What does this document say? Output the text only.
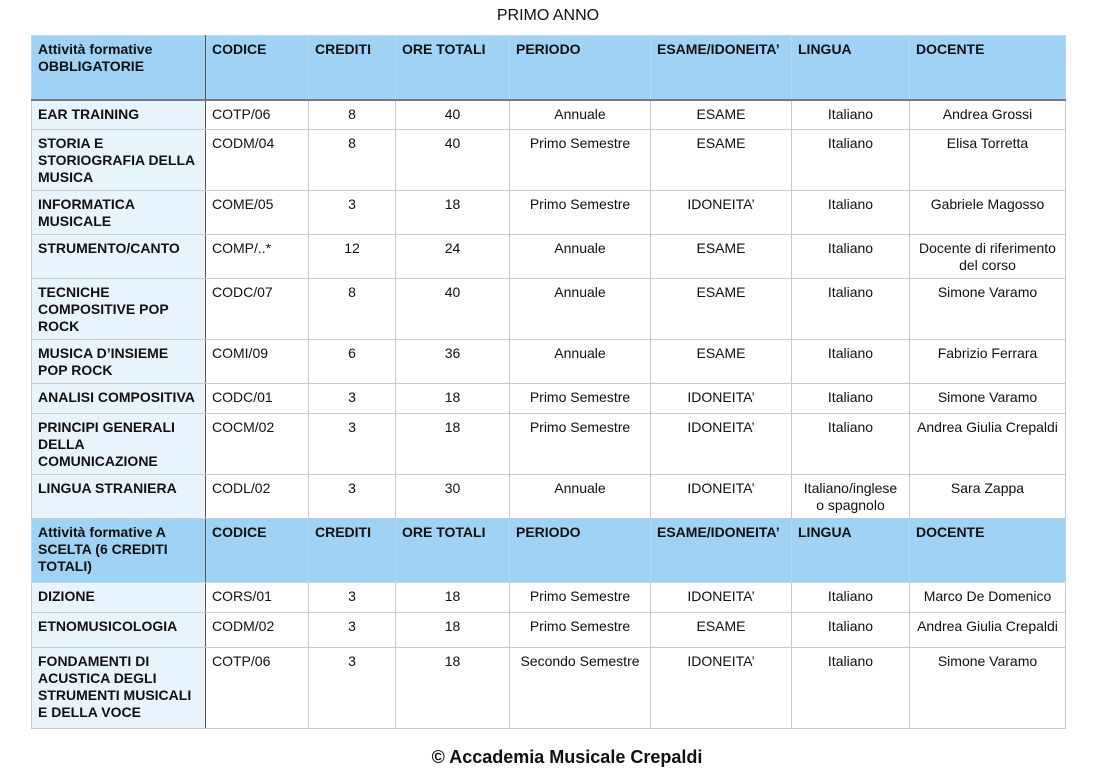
PRIMO ANNO
Attività formative OBBLIGATORIE	CODICE	CREDITI	ORE TOTALI	PERIODO	ESAME/IDONEITA’	LINGUA	DOCENTE
EAR TRAINING	COTP/06	8	40	Annuale	ESAME	Italiano	Andrea Grossi
STORIA E STORIOGRAFIA DELLA MUSICA	CODM/04	8	40	Primo Semestre	ESAME	Italiano	Elisa Torretta
INFORMATICA MUSICALE	COME/05	3	18	Primo Semestre	IDONEITA’	Italiano	Gabriele Magosso
STRUMENTO/CANTO	COMP/..*	12	24	Annuale	ESAME	Italiano	Docente di riferimento del corso
TECNICHE COMPOSITIVE POP ROCK	CODC/07	8	40	Annuale	ESAME	Italiano	Simone Varamo
MUSICA D’INSIEME POP ROCK	COMI/09	6	36	Annuale	ESAME	Italiano	Fabrizio Ferrara
ANALISI COMPOSITIVA	CODC/01	3	18	Primo Semestre	IDONEITA’	Italiano	Simone Varamo
PRINCIPI GENERALI DELLA COMUNICAZIONE	COCM/02	3	18	Primo Semestre	IDONEITA’	Italiano	Andrea Giulia Crepaldi
LINGUA STRANIERA	CODL/02	3	30	Annuale	IDONEITA’	Italiano/inglese o spagnolo	Sara Zappa
Attività formative A SCELTA (6 CREDITI TOTALI)	CODICE	CREDITI	ORE TOTALI	PERIODO	ESAME/IDONEITA’	LINGUA	DOCENTE
DIZIONE	CORS/01	3	18	Primo Semestre	IDONEITA’	Italiano	Marco De Domenico
ETNOMUSICOLOGIA	CODM/02	3	18	Primo Semestre	ESAME	Italiano	Andrea Giulia Crepaldi
FONDAMENTI DI ACUSTICA DEGLI STRUMENTI MUSICALI E DELLA VOCE	COTP/06	3	18	Secondo Semestre	IDONEITA’	Italiano	Simone Varamo
© Accademia Musicale Crepaldi
